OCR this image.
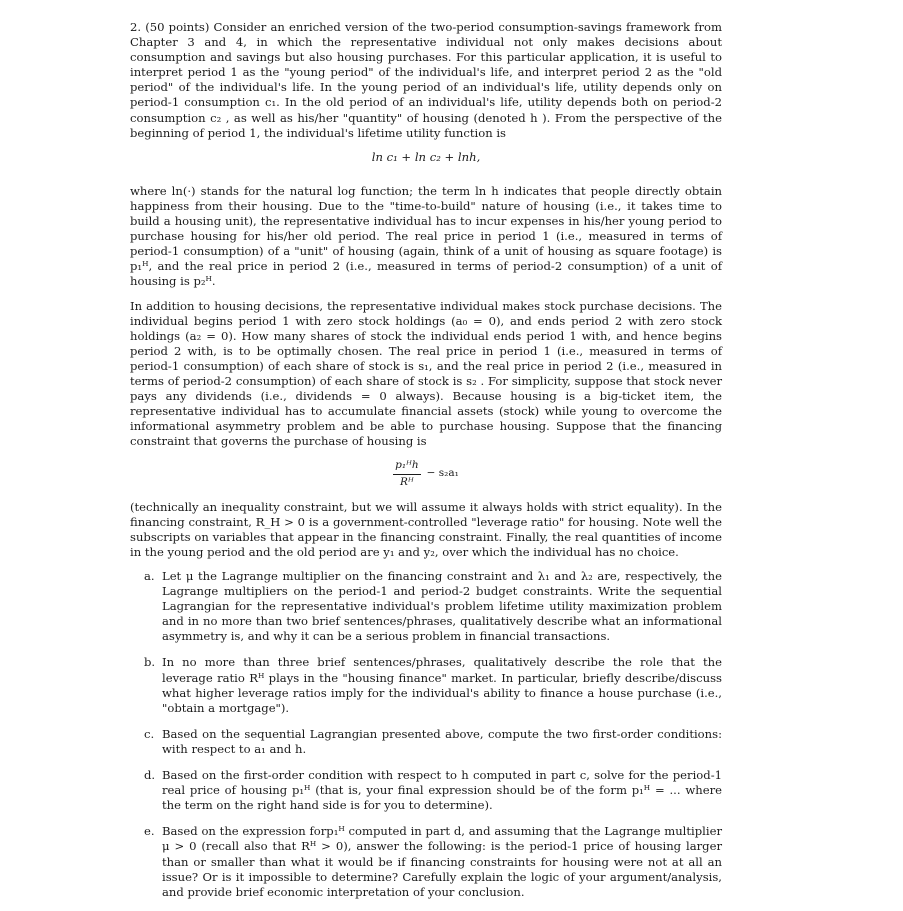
2. (50 points) Consider an enriched version of the two-period consumption-savings framework from Chapter 3 and 4, in which the representative individual not only makes decisions about consumption and savings but also housing purchases. For this particular application, it is useful to interpret period 1 as the "young period" of the individual's life, and interpret period 2 as the "old period" of the individual's life. In the young period of an individual's life, utility depends only on period-1 consumption c₁. In the old period of an individual's life, utility depends both on period-2 consumption c₂ , as well as his/her "quantity" of housing (denoted h ). From the perspective of the beginning of period 1, the individual's lifetime utility function is

ln c₁ + ln c₂ + lnh,

where ln(·) stands for the natural log function; the term ln h indicates that people directly obtain happiness from their housing. Due to the "time-to-build" nature of housing (i.e., it takes time to build a housing unit), the representative individual has to incur expenses in his/her young period to purchase housing for his/her old period. The real price in period 1 (i.e., measured in terms of period-1 consumption) of a "unit" of housing (again, think of a unit of housing as square footage) is p₁ᴴ, and the real price in period 2 (i.e., measured in terms of period-2 consumption) of a unit of housing is p₂ᴴ.

In addition to housing decisions, the representative individual makes stock purchase decisions. The individual begins period 1 with zero stock holdings (a₀ = 0), and ends period 2 with zero stock holdings (a₂ = 0). How many shares of stock the individual ends period 1 with, and hence begins period 2 with, is to be optimally chosen. The real price in period 1 (i.e., measured in terms of period-1 consumption) of each share of stock is s₁, and the real price in period 2 (i.e., measured in terms of period-2 consumption) of each share of stock is s₂ . For simplicity, suppose that stock never pays any dividends (i.e., dividends = 0 always). Because housing is a big-ticket item, the representative individual has to accumulate financial assets (stock) while young to overcome the informational asymmetry problem and be able to purchase housing. Suppose that the financing constraint that governs the purchase of housing is

$\frac{\text{p₁ᴴh}}{\text{Rᴴ}} - s_2a_1$

(technically an inequality constraint, but we will assume it always holds with strict equality). In the financing constraint, R_H > 0 is a government-controlled "leverage ratio" for housing. Note well the subscripts on variables that appear in the financing constraint. Finally, the real quantities of income in the young period and the old period are y₁ and y₂, over which the individual has no choice.

a. Let μ the Lagrange multiplier on the financing constraint and λ₁ and λ₂ are, respectively, the Lagrange multipliers on the period-1 and period-2 budget constraints. Write the sequential Lagrangian for the representative individual's problem lifetime utility maximization problem and in no more than two brief sentences/phrases, qualitatively describe what an informational asymmetry is, and why it can be a serious problem in financial transactions.
b. In no more than three brief sentences/phrases, qualitatively describe the role that the leverage ratio Rᴴ plays in the "housing finance" market. In particular, briefly describe/discuss what higher leverage ratios imply for the individual's ability to finance a house purchase (i.e., "obtain a mortgage").
c. Based on the sequential Lagrangian presented above, compute the two first-order conditions: with respect to a₁ and h.
d. Based on the first-order condition with respect to h computed in part c, solve for the period-1 real price of housing p₁ᴴ (that is, your final expression should be of the form p₁ᴴ = ... where the term on the right hand side is for you to determine).
e. Based on the expression forp₁ᴴ computed in part d, and assuming that the Lagrange multiplier μ > 0 (recall also that Rᴴ > 0), answer the following: is the period-1 price of housing larger than or smaller than what it would be if financing constraints for housing were not at all an issue? Or is it impossible to determine? Carefully explain the logic of your argument/analysis, and provide brief economic interpretation of your conclusion.
